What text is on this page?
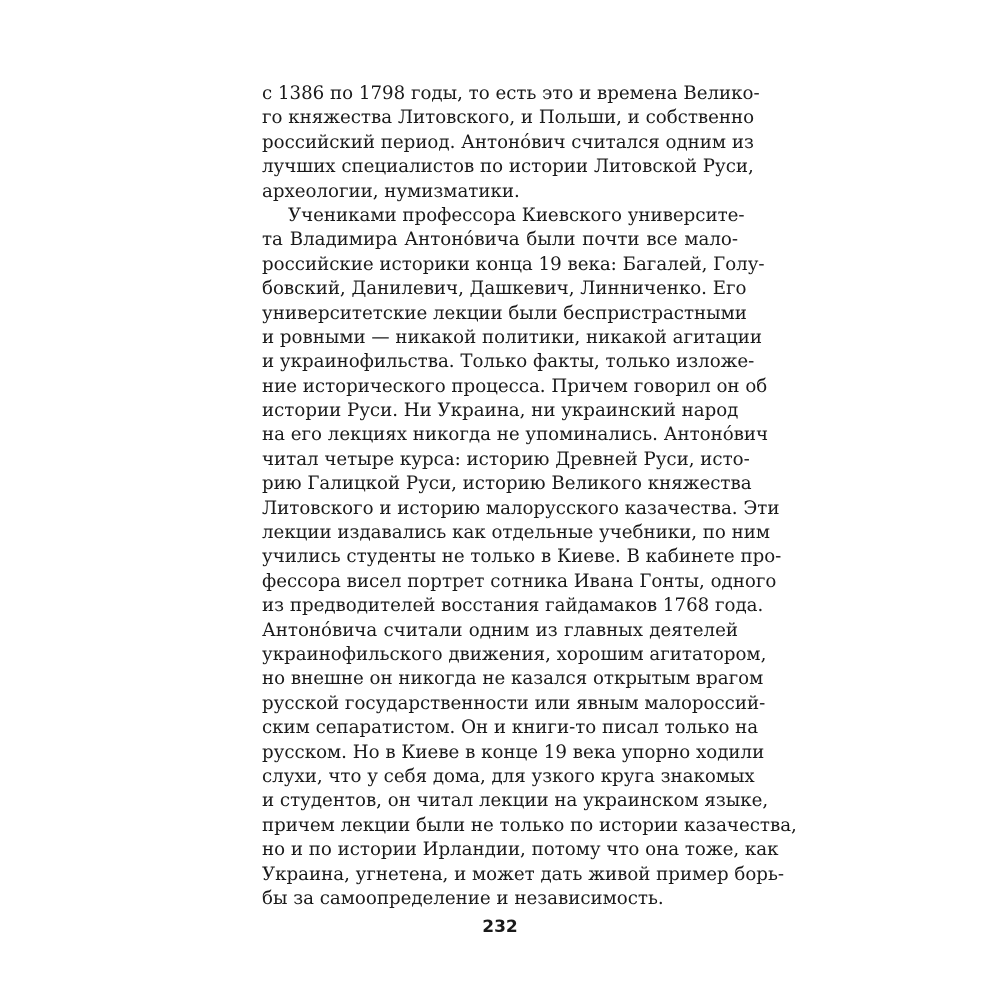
с 1386 по 1798 годы, то есть это и времена Велико-
го княжества Литовского, и Польши, и собственно
российский период. Антоно́вич считался одним из
лучших специалистов по истории Литовской Руси,
археологии, нумизматики.
Учениками профессора Киевского университе-
та Владимира Антоно́вича были почти все мало-
российские историки конца 19 века: Багалей, Голу-
бовский, Данилевич, Дашкевич, Линниченко. Его
университетские лекции были беспристрастными
и ровными — никакой политики, никакой агитации
и украинофильства. Только факты, только изложе-
ние исторического процесса. Причем говорил он об
истории Руси. Ни Украина, ни украинский народ
на его лекциях никогда не упоминались. Антоно́вич
читал четыре курса: историю Древней Руси, исто-
рию Галицкой Руси, историю Великого княжества
Литовского и историю малорусского казачества. Эти
лекции издавались как отдельные учебники, по ним
учились студенты не только в Киеве. В кабинете про-
фессора висел портрет сотника Ивана Гонты, одного
из предводителей восстания гайдамаков 1768 года.
Антоно́вича считали одним из главных деятелей
украинофильского движения, хорошим агитатором,
но внешне он никогда не казался открытым врагом
русской государственности или явным малороссий-
ским сепаратистом. Он и книги-то писал только на
русском. Но в Киеве в конце 19 века упорно ходили
слухи, что у себя дома, для узкого круга знакомых
и студентов, он читал лекции на украинском языке,
причем лекции были не только по истории казачества,
но и по истории Ирландии, потому что она тоже, как
Украина, угнетена, и может дать живой пример борь-
бы за самоопределение и независимость.
232
